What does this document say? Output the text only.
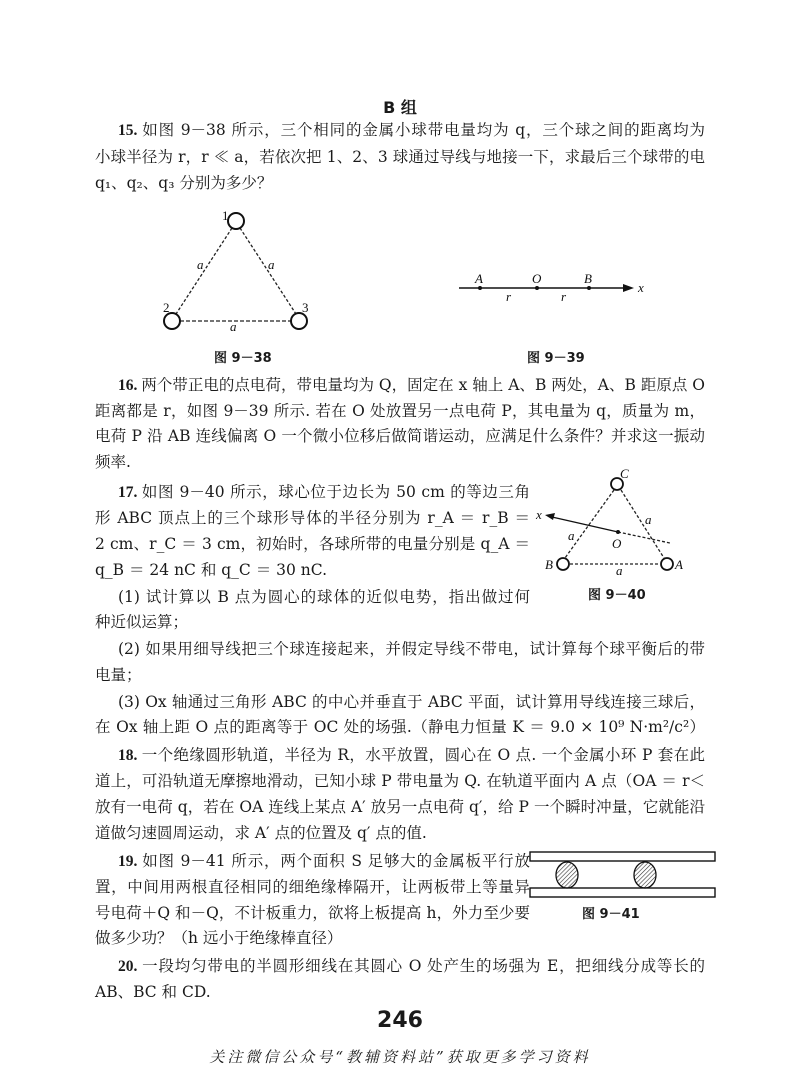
B 组
15. 如图 9－38 所示，三个相同的金属小球带电量均为 q，三个球之间的距离均为
小球半径为 r，r ≪ a，若依次把 1、2、3 球通过导线与地接一下，求最后三个球带的电
q₁、q₂、q₃ 分别为多少？
1
2	3
a	a
a
A	O	B
r	r
x
C
B	A
O
x
a
a
a
图 9－38	图 9－39
图 9－40
图 9－41
16. 两个带正电的点电荷，带电量均为 Q，固定在 x 轴上 A、B 两处，A、B 距原点 O
距离都是 r，如图 9－39 所示. 若在 O 处放置另一点电荷 P，其电量为 q，质量为 m，
电荷 P 沿 AB 连线偏离 O 一个微小位移后做简谐运动，应满足什么条件？并求这一振动
频率.
17. 如图 9－40 所示，球心位于边长为 50 cm 的等边三角
形 ABC 顶点上的三个球形导体的半径分别为 r_A ＝ r_B ＝
2 cm、r_C ＝ 3 cm，初始时，各球所带的电量分别是 q_A ＝
q_B ＝ 24 nC 和 q_C ＝ 30 nC.
(1) 试计算以 B 点为圆心的球体的近似电势，指出做过何
种近似运算；
(2) 如果用细导线把三个球连接起来，并假定导线不带电，试计算每个球平衡后的带
电量；
(3) Ox 轴通过三角形 ABC 的中心并垂直于 ABC 平面，试计算用导线连接三球后，
在 Ox 轴上距 O 点的距离等于 OC 处的场强.（静电力恒量 K ＝ 9.0 × 10⁹ N·m²/c²）
18. 一个绝缘圆形轨道，半径为 R，水平放置，圆心在 O 点. 一个金属小环 P 套在此
道上，可沿轨道无摩擦地滑动，已知小球 P 带电量为 Q. 在轨道平面内 A 点（OA ＝ r＜
放有一电荷 q，若在 OA 连线上某点 A′ 放另一点电荷 q′，给 P 一个瞬时冲量，它就能沿
道做匀速圆周运动，求 A′ 点的位置及 q′ 点的值.
19. 如图 9－41 所示，两个面积 S 足够大的金属板平行放
置，中间用两根直径相同的细绝缘棒隔开，让两板带上等量异
号电荷＋Q 和－Q，不计板重力，欲将上板提高 h，外力至少要
做多少功？（h 远小于绝缘棒直径）
20. 一段均匀带电的半圆形细线在其圆心 O 处产生的场强为 E，把细线分成等长的
AB、BC 和 CD.
246
关注微信公众号“教辅资料站”获取更多学习资料
